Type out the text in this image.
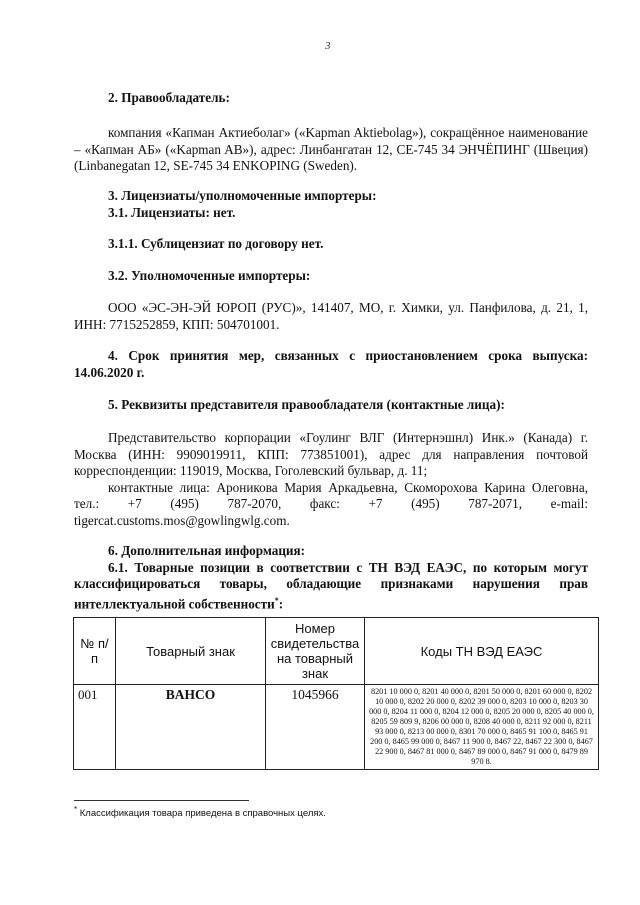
3

2. Правообладатель:

компания «Капман Актиеболаг» («Kapman Aktiebolag»), сокращённое наименование – «Капман АБ» («Kapman AB»), адрес: Линбангатан 12, СЕ-745 34 ЭНЧЁПИНГ (Швеция) (Linbanegatan 12, SE-745 34 ENKOPING (Sweden).

3. Лицензиаты/уполномоченные импортеры:

3.1. Лицензиаты: нет.

3.1.1. Сублицензиат по договору нет.

3.2. Уполномоченные импортеры:

ООО «ЭС-ЭН-ЭЙ ЮРОП (РУС)», 141407, МО, г. Химки, ул. Панфилова, д. 21, 1, ИНН: 7715252859, КПП: 504701001.

4. Срок принятия мер, связанных с приостановлением срока выпуска: 14.06.2020 г.

5. Реквизиты представителя правообладателя (контактные лица):

Представительство корпорации «Гоулинг ВЛГ (Интернэшнл) Инк.» (Канада) г. Москва (ИНН: 9909019911, КПП: 773851001), адрес для направления почтовой корреспонденции: 119019, Москва, Гоголевский бульвар, д. 11;

контактные лица: Ароникова Мария Аркадьевна, Скоморохова Карина Олеговна, тел.: +7 (495) 787-2070, факс: +7 (495) 787-2071, e-mail: tigercat.customs.mos@gowlingwlg.com.

6. Дополнительная информация:

6.1. Товарные позиции в соответствии с ТН ВЭД ЕАЭС, по которым могут классифицироваться товары, обладающие признаками нарушения прав интеллектуальной собственности*:

№ п/п	Товарный знак	Номер свидетельства на товарный знак	Коды ТН ВЭД ЕАЭС
001	BAHCO	1045966	8201 10 000 0, 8201 40 000 0, 8201 50 000 0, 8201 60 000 0, 8202 10 000 0, 8202 20 000 0, 8202 39 000 0, 8203 10 000 0, 8203 30 000 0, 8204 11 000 0, 8204 12 000 0, 8205 20 000 0, 8205 40 000 0, 8205 59 809 9, 8206 00 000 0, 8208 40 000 0, 8211 92 000 0, 8211 93 000 0, 8213 00 000 0, 8301 70 000 0, 8465 91 100 0, 8465 91 200 0, 8465 99 000 0, 8467 11 900 0, 8467 22, 8467 22 300 0, 8467 22 900 0, 8467 81 000 0, 8467 89 000 0, 8467 91 000 0, 8479 89 970 8.
* Классификация товара приведена в справочных целях.
